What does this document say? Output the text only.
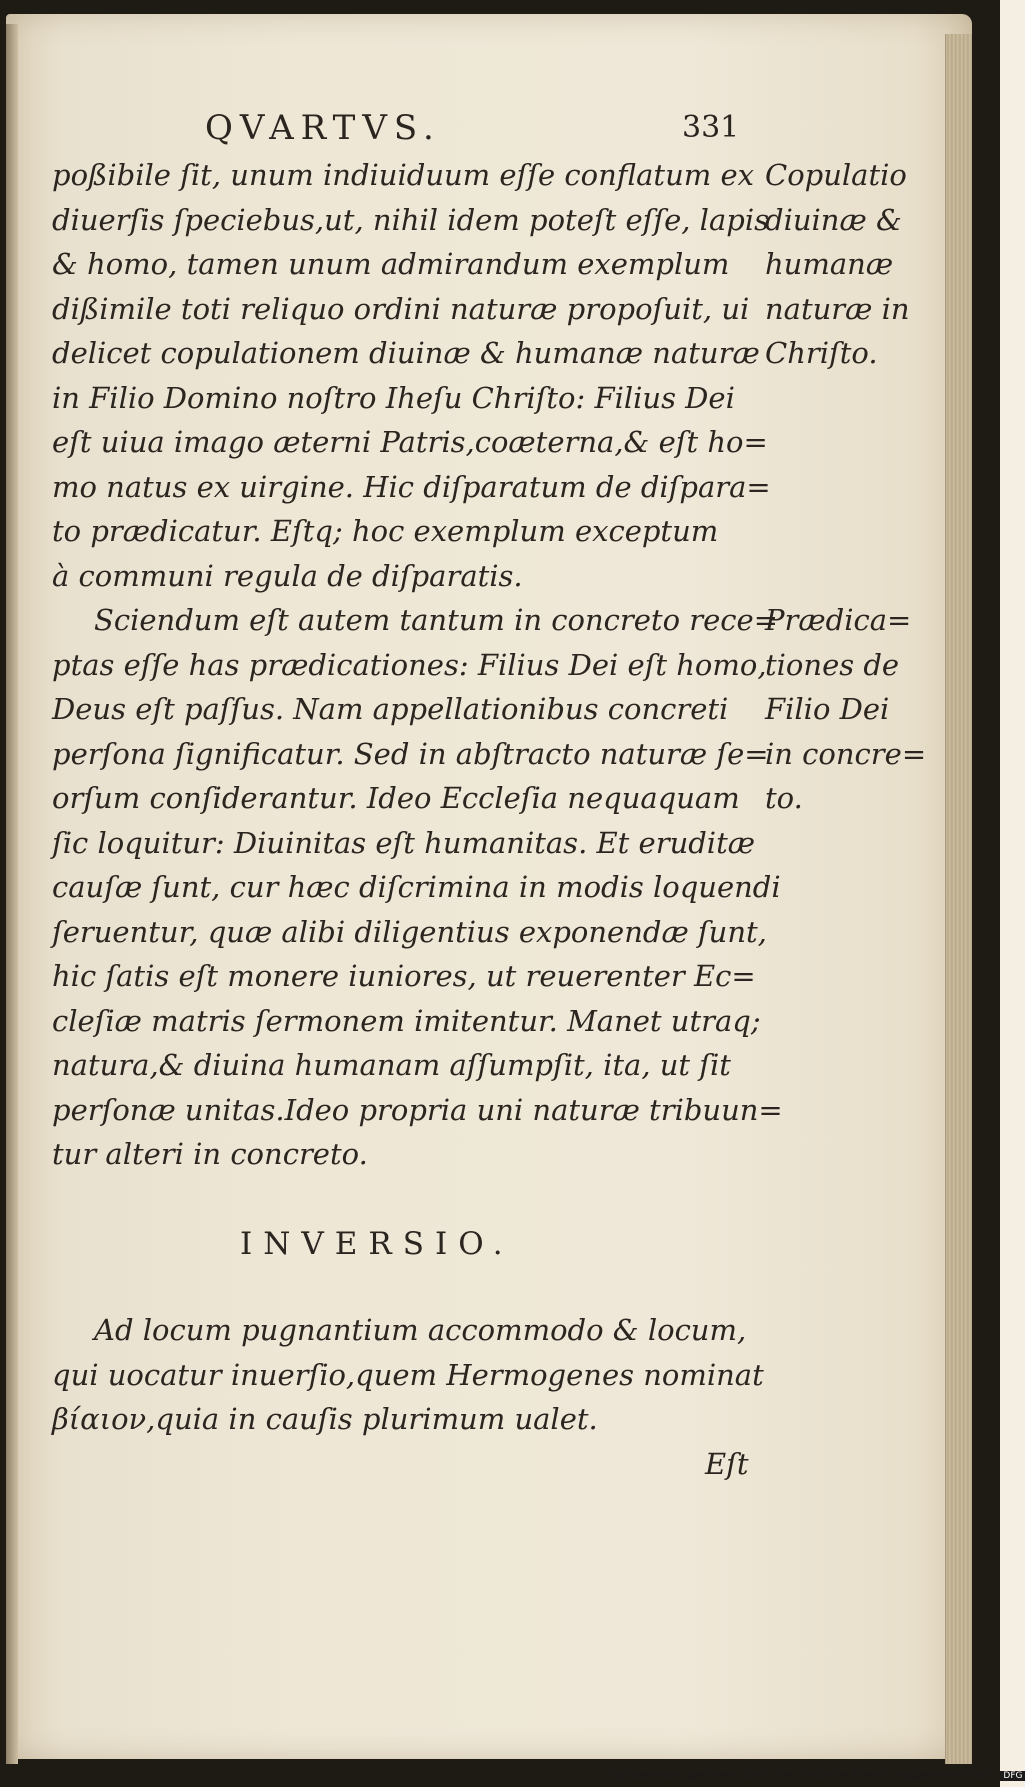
QVARTVS.	331
poßibile ſit, unum indiuiduum eſſe conflatum ex
diuerſis ſpeciebus,ut, nihil idem poteſt eſſe, lapis
& homo, tamen unum admirandum exemplum
dißimile toti reliquo ordini naturæ propoſuit, ui
delicet copulationem diuinæ & humanæ naturæ
in Filio Domino noſtro Iheſu Chriſto: Filius Dei
eſt uiua imago æterni Patris,coæterna,& eſt ho=
mo natus ex uirgine. Hic diſparatum de diſpara=
to prædicatur. Eſtq; hoc exemplum exceptum
à communi regula de diſparatis.
Sciendum eſt autem tantum in concreto rece=
ptas eſſe has prædicationes: Filius Dei eſt homo,
Deus eſt paſſus. Nam appellationibus concreti
perſona ſignificatur. Sed in abſtracto naturæ ſe=
orſum conſiderantur. Ideo Eccleſia nequaquam
ſic loquitur: Diuinitas eſt humanitas. Et eruditæ
cauſæ ſunt, cur hæc diſcrimina in modis loquendi
ſeruentur, quæ alibi diligentius exponendæ ſunt,
hic ſatis eſt monere iuniores, ut reuerenter Ec=
cleſiæ matris ſermonem imitentur. Manet utraq;
natura,& diuina humanam aſſumpſit, ita, ut ſit
perſonæ unitas.Ideo propria uni naturæ tribuun=
tur alteri in concreto.
Copulatio
diuinæ &
humanæ
naturæ in
Chriſto.
Prædica=
tiones de
Filio Dei
in concre=
to.
INVERSIO.
Ad locum pugnantium accommodo & locum,
qui uocatur inuerſio,quem Hermogenes nominat
βίαιον,quia in cauſis plurimum ualet.
Eſt
Digitalisierung gefördert durch die Deutsche Forschungsgemeinschaft - DFG
